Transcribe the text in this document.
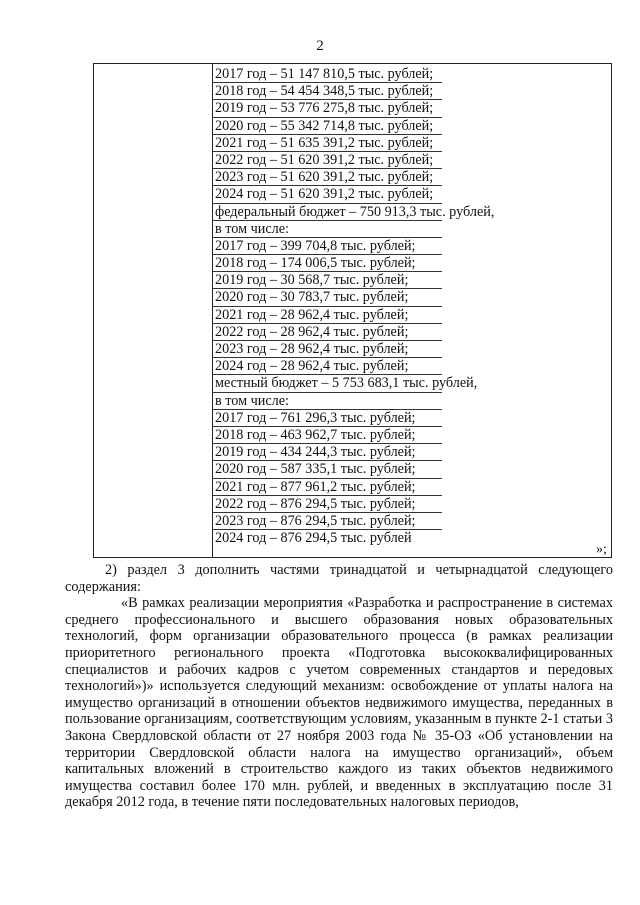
2
2017 год – 51 147 810,5 тыс. рублей;
2018 год – 54 454 348,5 тыс. рублей;
2019 год – 53 776 275,8 тыс. рублей;
2020 год – 55 342 714,8 тыс. рублей;
2021 год – 51 635 391,2 тыс. рублей;
2022 год – 51 620 391,2 тыс. рублей;
2023 год – 51 620 391,2 тыс. рублей;
2024 год – 51 620 391,2 тыс. рублей;
федеральный бюджет – 750 913,3 тыс. рублей,
в том числе:
2017 год – 399 704,8 тыс. рублей;
2018 год – 174 006,5 тыс. рублей;
2019 год – 30 568,7 тыс. рублей;
2020 год – 30 783,7 тыс. рублей;
2021 год – 28 962,4 тыс. рублей;
2022 год – 28 962,4 тыс. рублей;
2023 год – 28 962,4 тыс. рублей;
2024 год – 28 962,4 тыс. рублей;
местный бюджет – 5 753 683,1 тыс. рублей,
в том числе:
2017 год – 761 296,3 тыс. рублей;
2018 год – 463 962,7 тыс. рублей;
2019 год – 434 244,3 тыс. рублей;
2020 год – 587 335,1 тыс. рублей;
2021 год – 877 961,2 тыс. рублей;
2022 год – 876 294,5 тыс. рублей;
2023 год – 876 294,5 тыс. рублей;
2024 год – 876 294,5 тыс. рублей
»;

2) раздел 3 дополнить частями тринадцатой и четырнадцатой следующего содержания:

«В рамках реализации мероприятия «Разработка и распространение в системах среднего профессионального и высшего образования новых образовательных технологий, форм организации образовательного процесса (в рамках реализации приоритетного регионального проекта «Подготовка высококвалифицированных специалистов и рабочих кадров с учетом современных стандартов и передовых технологий»)» используется следующий механизм: освобождение от уплаты налога на имущество организаций в отношении объектов недвижимого имущества, переданных в пользование организациям, соответствующим условиям, указанным в пункте 2-1 статьи 3 Закона Свердловской области от 27 ноября 2003 года № 35-ОЗ «Об установлении на территории Свердловской области налога на имущество организаций», объем капитальных вложений в строительство каждого из таких объектов недвижимого имущества составил более 170 млн. рублей, и введенных в эксплуатацию после 31 декабря 2012 года, в течение пяти последовательных налоговых периодов,
